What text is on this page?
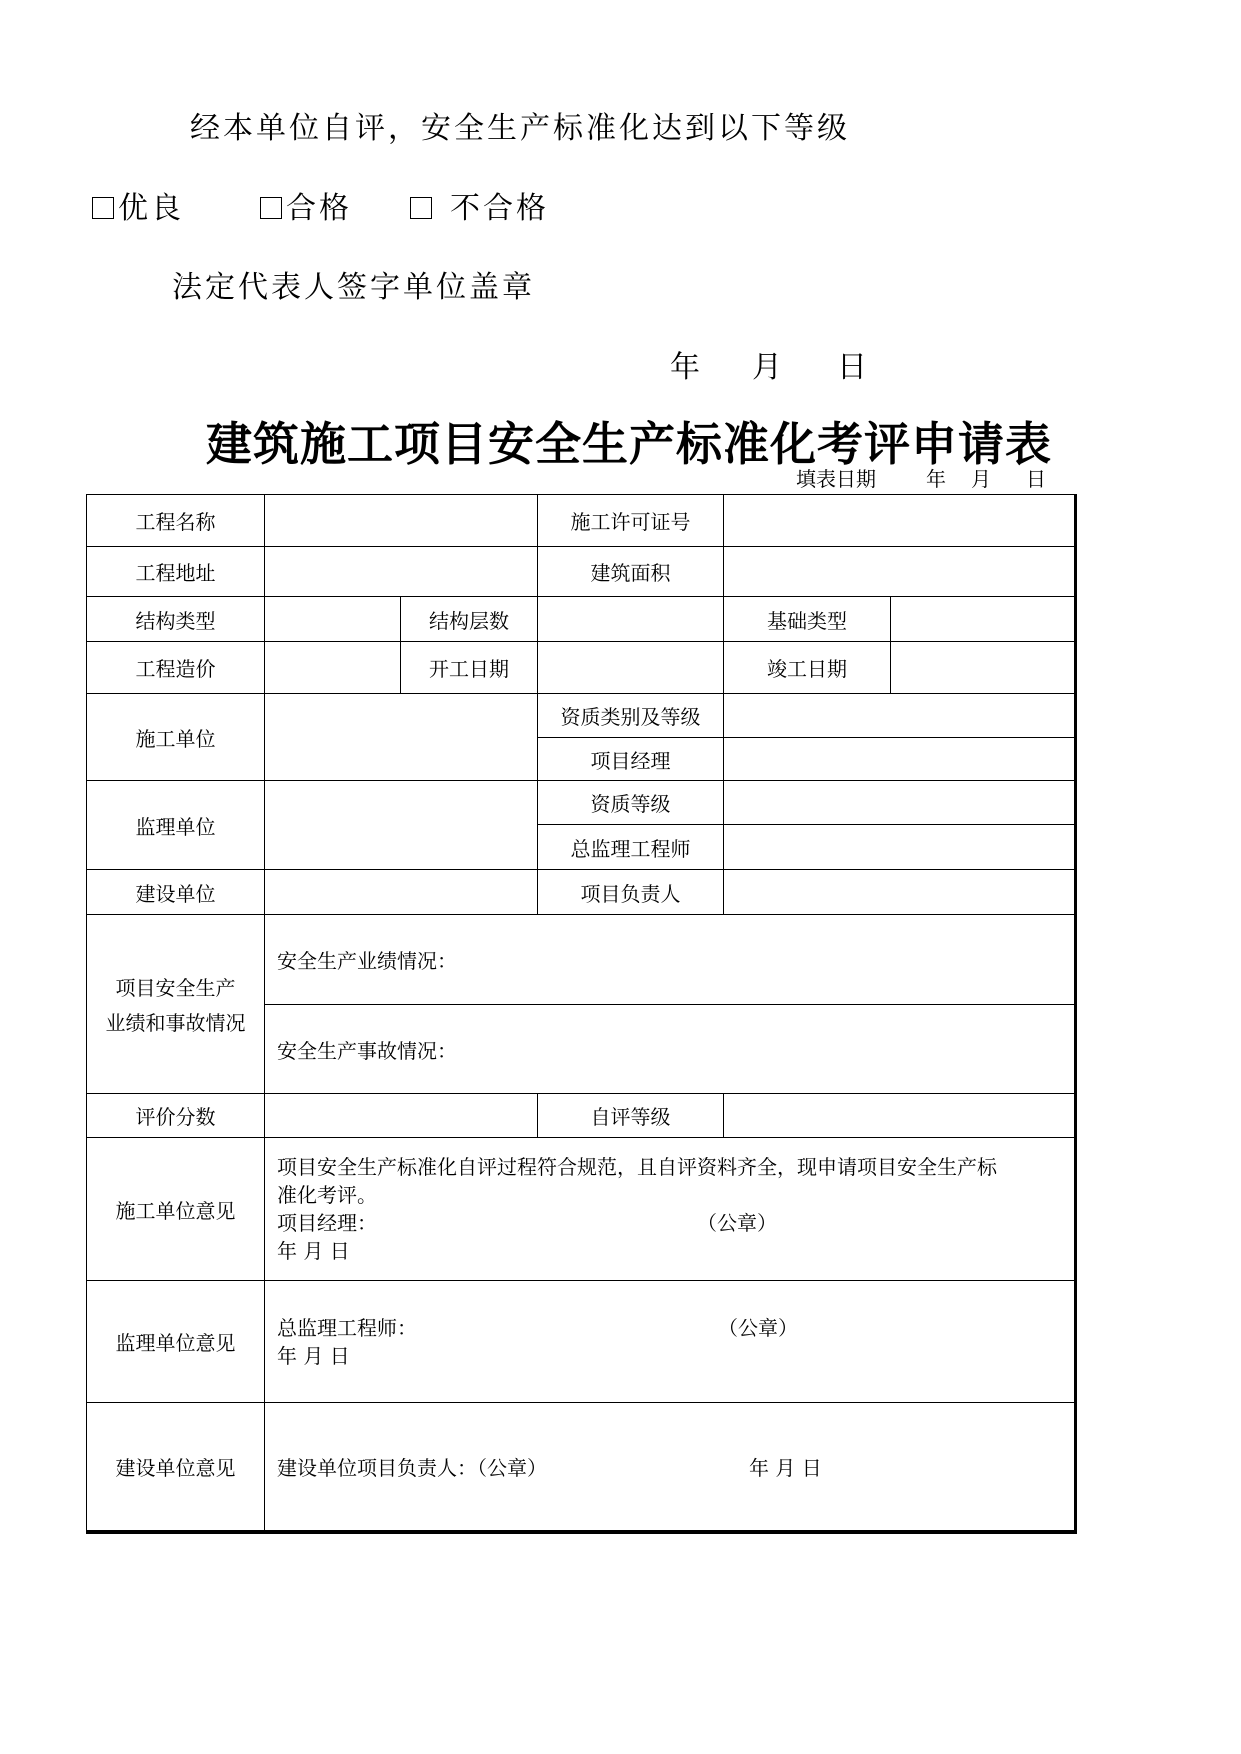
经本单位自评，安全生产标准化达到以下等级
优良	合格	不合格
法定代表人签字单位盖章
年 月 日
建筑施工项目安全生产标准化考评申请表
填表日期	年 月 日
工程名称			施工许可证号		
工程地址			建筑面积		
结构类型		结构层数		基础类型	
工程造价		开工日期		竣工日期	
施工单位			资质类别及等级		
			项目经理		
监理单位			资质等级		
			总监理工程师		
建设单位			项目负责人		

项目安全生产
业绩和事故情况	安全生产业绩情况：				
	安全生产事故情况：				
评价分数			自评等级		
施工单位意见	项目安全生产标准化自评过程符合规范，且自评资料齐全，现申请项目安全生产标
准化考评。
项目经理： （公章）
年 月 日				

监理单位意见	总监理工程师： （公章）
年 月 日				

建设单位意见	建设单位项目负责人：（公章） 年 月 日				
